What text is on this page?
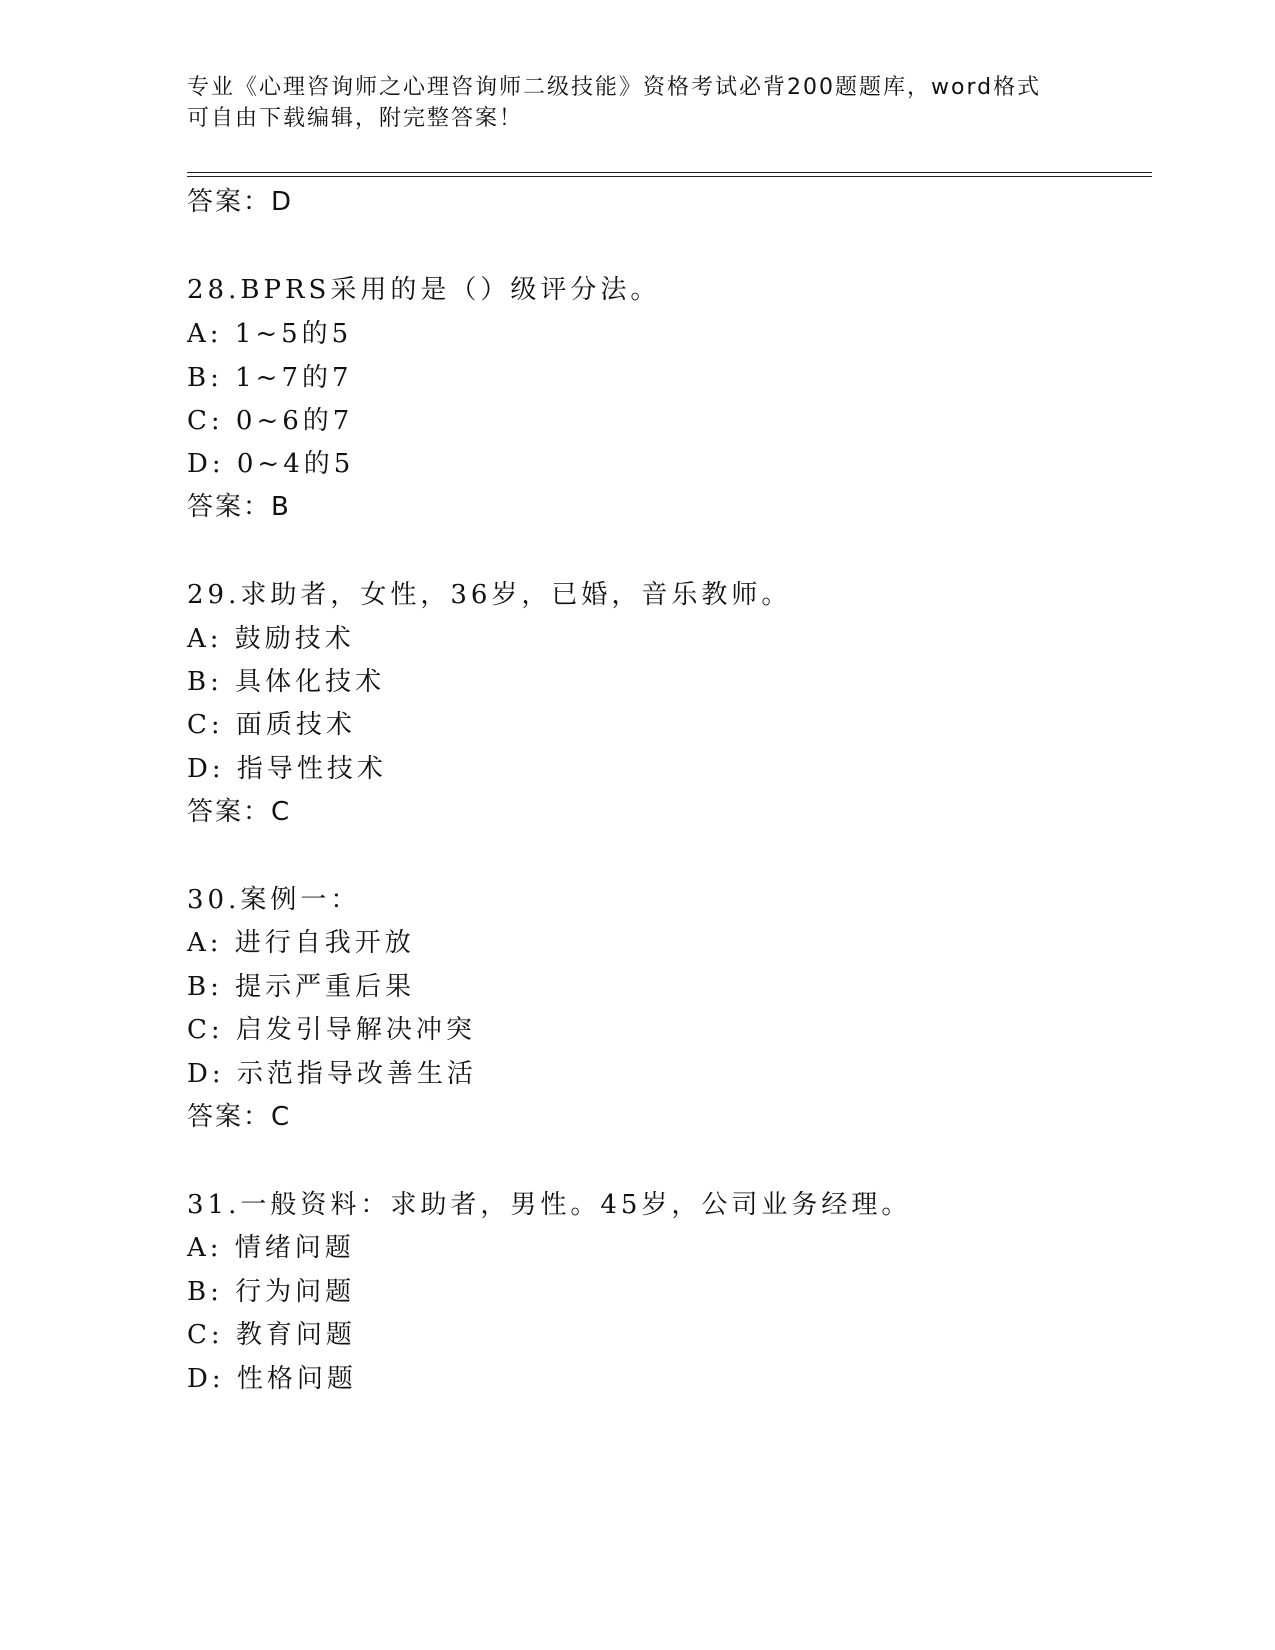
专业《心理咨询师之心理咨询师二级技能》资格考试必背200题题库，word格式
可自由下载编辑，附完整答案！
答案：D
28.BPRS采用的是（）级评分法。
A: 1~5的5
B: 1~7的7
C: 0~6的7
D: 0~4的5
答案：B
29.求助者，女性，36岁，已婚，音乐教师。
A: 鼓励技术
B: 具体化技术
C: 面质技术
D: 指导性技术
答案：C
30.案例一：
A: 进行自我开放
B: 提示严重后果
C: 启发引导解决冲突
D: 示范指导改善生活
答案：C
31.一般资料：求助者，男性。45岁，公司业务经理。
A: 情绪问题
B: 行为问题
C: 教育问题
D: 性格问题
